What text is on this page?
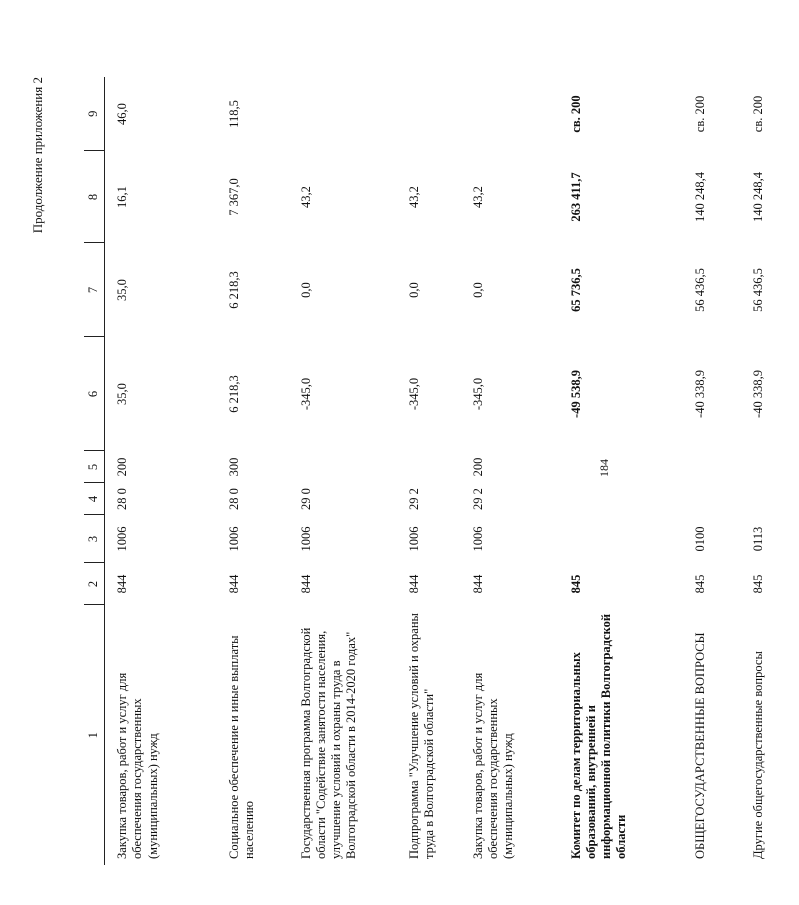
184
Продолжение приложения 2
1	2	3	4	5	6	7	8	9
Закупка товаров, работ и услуг для обеспечения государственных (муниципальных) нужд	844	1006	28 0	200	35,0	35,0	16,1	46,0
Социальное обеспечение и иные выплаты населению	844	1006	28 0	300	6 218,3	6 218,3	7 367,0	118,5
Государственная программа Волгоградской области "Содействие занятости населения, улучшение условий и охраны труда в Волгоградской области в 2014-2020 годах"	844	1006	29 0		-345,0	0,0	43,2	
Подпрограмма "Улучшение условий и охраны труда в Волгоградской области"	844	1006	29 2		-345,0	0,0	43,2	
Закупка товаров, работ и услуг для обеспечения государственных (муниципальных) нужд	844	1006	29 2	200	-345,0	0,0	43,2	
Комитет по делам территориальных образований, внутренней и информационной политики Волгоградской области	845				-49 538,9	65 736,5	263 411,7	св. 200
ОБЩЕГОСУДАРСТВЕННЫЕ ВОПРОСЫ	845	0100			-40 338,9	56 436,5	140 248,4	св. 200
Другие общегосударственные вопросы	845	0113			-40 338,9	56 436,5	140 248,4	св. 200
